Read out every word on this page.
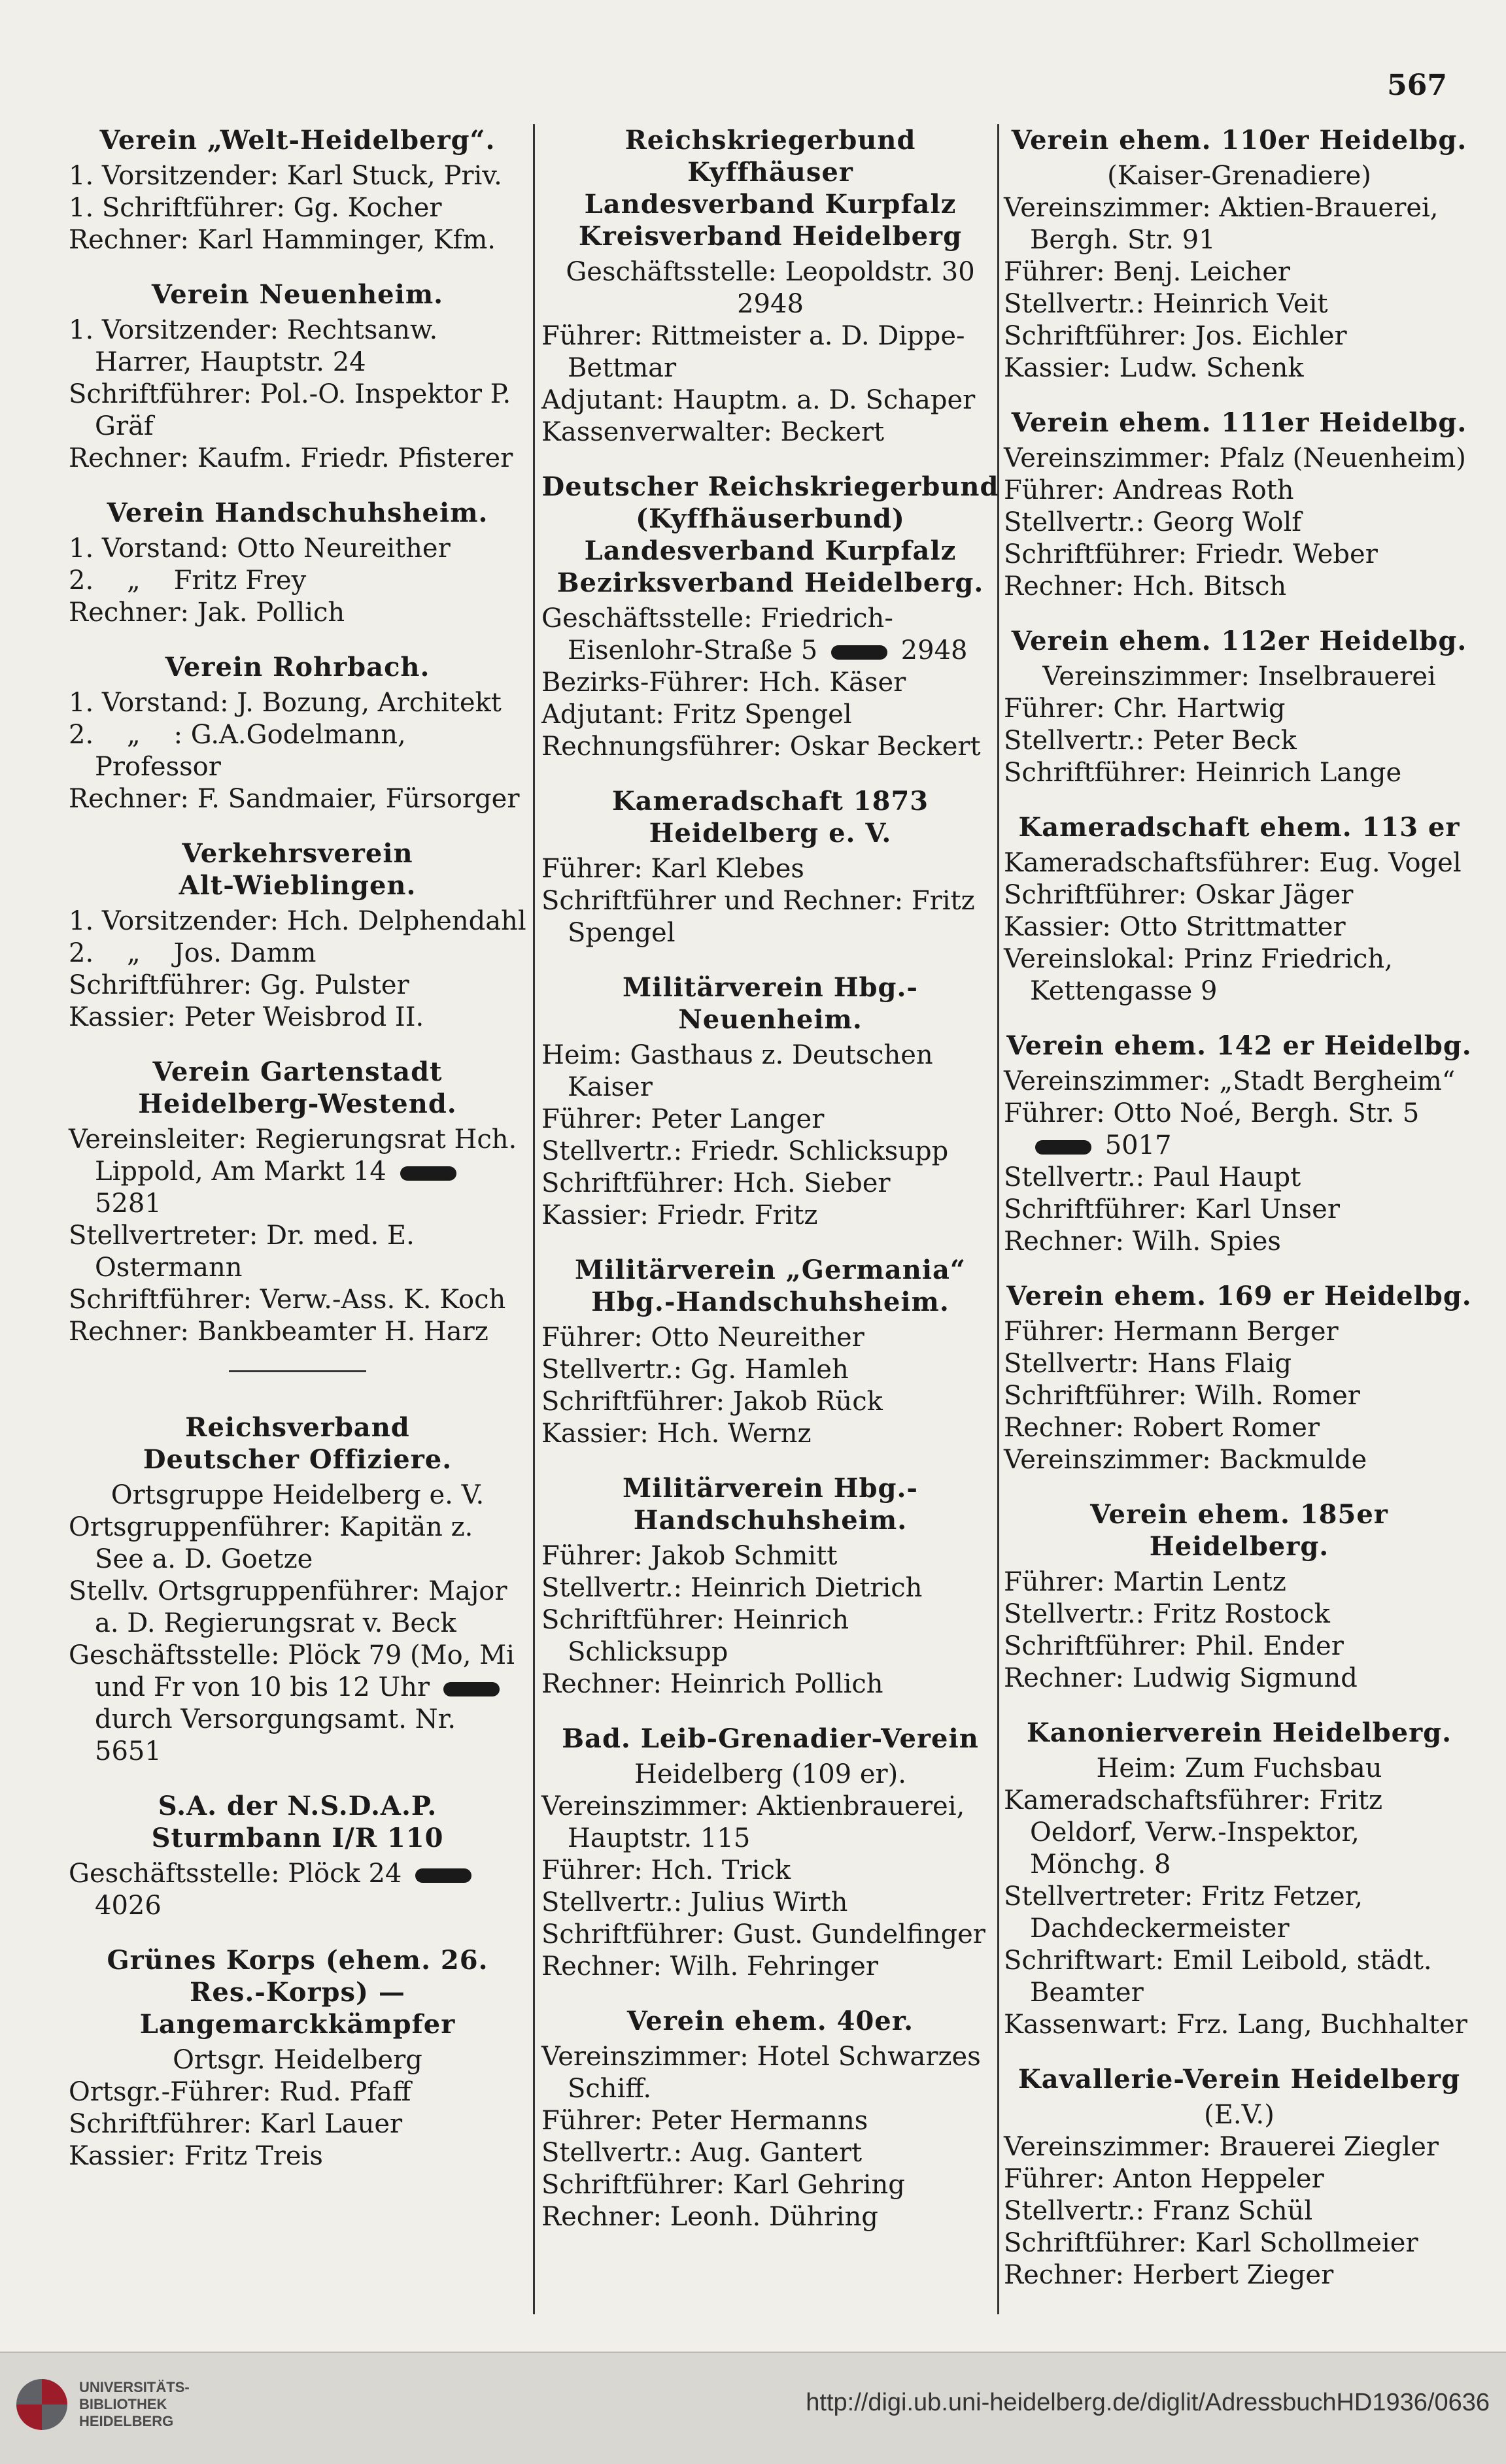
567
Verein „Welt-Heidelberg“.
1. Vorsitzender: Karl Stuck, Priv.
1. Schriftführer: Gg. Kocher
Rechner: Karl Hamminger, Kfm.
Verein Neuenheim.
1. Vorsitzender: Rechtsanw. Harrer, Hauptstr. 24
Schriftführer: Pol.-O. Inspektor P. Gräf
Rechner: Kaufm. Friedr. Pfisterer
Verein Handschuhsheim.
1. Vorstand: Otto Neureither
2.    „    Fritz Frey
Rechner: Jak. Pollich
Verein Rohrbach.
1. Vorstand: J. Bozung, Architekt
2.    „    : G.A.Godelmann, Professor
Rechner: F. Sandmaier, Fürsorger
Verkehrsverein
Alt-Wieblingen.
1. Vorsitzender: Hch. Delphendahl
2.    „    Jos. Damm
Schriftführer: Gg. Pulster
Kassier: Peter Weisbrod II.
Verein Gartenstadt
Heidelberg-Westend.
Vereinsleiter: Regierungsrat Hch. Lippold, Am Markt 14	5281
Stellvertreter: Dr. med. E. Ostermann
Schriftführer: Verw.-Ass. K. Koch
Rechner: Bankbeamter H. Harz
Reichsverband
Deutscher Offiziere.
Ortsgruppe Heidelberg e. V.
Ortsgruppenführer: Kapitän z. See a. D. Goetze
Stellv. Ortsgruppenführer: Major a. D. Regierungsrat v. Beck
Geschäftsstelle: Plöck 79 (Mo, Mi und Fr von 10 bis 12 Uhr	durch Versorgungsamt. Nr. 5651
S.A. der N.S.D.A.P.
Sturmbann I/R 110
Geschäftsstelle: Plöck 24	4026
Grünes Korps (ehem. 26. Res.-Korps) — Langemarckkämpfer
Ortsgr. Heidelberg
Ortsgr.-Führer: Rud. Pfaff
Schriftführer: Karl Lauer
Kassier: Fritz Treis
Reichskriegerbund Kyffhäuser
Landesverband Kurpfalz
Kreisverband Heidelberg
Geschäftsstelle: Leopoldstr. 30
2948
Führer: Rittmeister a. D. Dippe-Bettmar
Adjutant: Hauptm. a. D. Schaper
Kassenverwalter: Beckert
Deutscher Reichskriegerbund
(Kyffhäuserbund)
Landesverband Kurpfalz
Bezirksverband Heidelberg.
Geschäftsstelle: Friedrich-Eisenlohr-Straße 5	2948
Bezirks-Führer: Hch. Käser
Adjutant: Fritz Spengel
Rechnungsführer: Oskar Beckert
Kameradschaft 1873
Heidelberg e. V.
Führer: Karl Klebes
Schriftführer und Rechner: Fritz Spengel
Militärverein Hbg.-Neuenheim.
Heim: Gasthaus z. Deutschen Kaiser
Führer: Peter Langer
Stellvertr.: Friedr. Schlicksupp
Schriftführer: Hch. Sieber
Kassier: Friedr. Fritz
Militärverein „Germania“
Hbg.-Handschuhsheim.
Führer: Otto Neureither
Stellvertr.: Gg. Hamleh
Schriftführer: Jakob Rück
Kassier: Hch. Wernz
Militärverein Hbg.-Handschuhsheim.
Führer: Jakob Schmitt
Stellvertr.: Heinrich Dietrich
Schriftführer: Heinrich Schlicksupp
Rechner: Heinrich Pollich
Bad. Leib-Grenadier-Verein
Heidelberg (109 er).
Vereinszimmer: Aktienbrauerei, Hauptstr. 115
Führer: Hch. Trick
Stellvertr.: Julius Wirth
Schriftführer: Gust. Gundelfinger
Rechner: Wilh. Fehringer
Verein ehem. 40er.
Vereinszimmer: Hotel Schwarzes Schiff.
Führer: Peter Hermanns
Stellvertr.: Aug. Gantert
Schriftführer: Karl Gehring
Rechner: Leonh. Dühring
Verein ehem. 110er Heidelbg.
(Kaiser-Grenadiere)
Vereinszimmer: Aktien-Brauerei, Bergh. Str. 91
Führer: Benj. Leicher
Stellvertr.: Heinrich Veit
Schriftführer: Jos. Eichler
Kassier: Ludw. Schenk
Verein ehem. 111er Heidelbg.
Vereinszimmer: Pfalz (Neuenheim)
Führer: Andreas Roth
Stellvertr.: Georg Wolf
Schriftführer: Friedr. Weber
Rechner: Hch. Bitsch
Verein ehem. 112er Heidelbg.
Vereinszimmer: Inselbrauerei
Führer: Chr. Hartwig
Stellvertr.: Peter Beck
Schriftführer: Heinrich Lange
Kameradschaft ehem. 113 er
Kameradschaftsführer: Eug. Vogel
Schriftführer: Oskar Jäger
Kassier: Otto Strittmatter
Vereinslokal: Prinz Friedrich, Kettengasse 9
Verein ehem. 142 er Heidelbg.
Vereinszimmer: „Stadt Bergheim“
Führer: Otto Noé, Bergh. Str. 5  5017
Stellvertr.: Paul Haupt
Schriftführer: Karl Unser
Rechner: Wilh. Spies
Verein ehem. 169 er Heidelbg.
Führer: Hermann Berger
Stellvertr: Hans Flaig
Schriftführer: Wilh. Romer
Rechner: Robert Romer
Vereinszimmer: Backmulde
Verein ehem. 185er Heidelberg.
Führer: Martin Lentz
Stellvertr.: Fritz Rostock
Schriftführer: Phil. Ender
Rechner: Ludwig Sigmund
Kanonierverein Heidelberg.
Heim: Zum Fuchsbau
Kameradschaftsführer: Fritz Oeldorf, Verw.-Inspektor, Mönchg. 8
Stellvertreter: Fritz Fetzer, Dachdeckermeister
Schriftwart: Emil Leibold, städt. Beamter
Kassenwart: Frz. Lang, Buchhalter
Kavallerie-Verein Heidelberg
(E.V.)
Vereinszimmer: Brauerei Ziegler
Führer: Anton Heppeler
Stellvertr.: Franz Schül
Schriftführer: Karl Schollmeier
Rechner: Herbert Zieger
UNIVERSITÄTS-
BIBLIOTHEK
HEIDELBERG
http://digi.ub.uni-heidelberg.de/diglit/AdressbuchHD1936/0636
